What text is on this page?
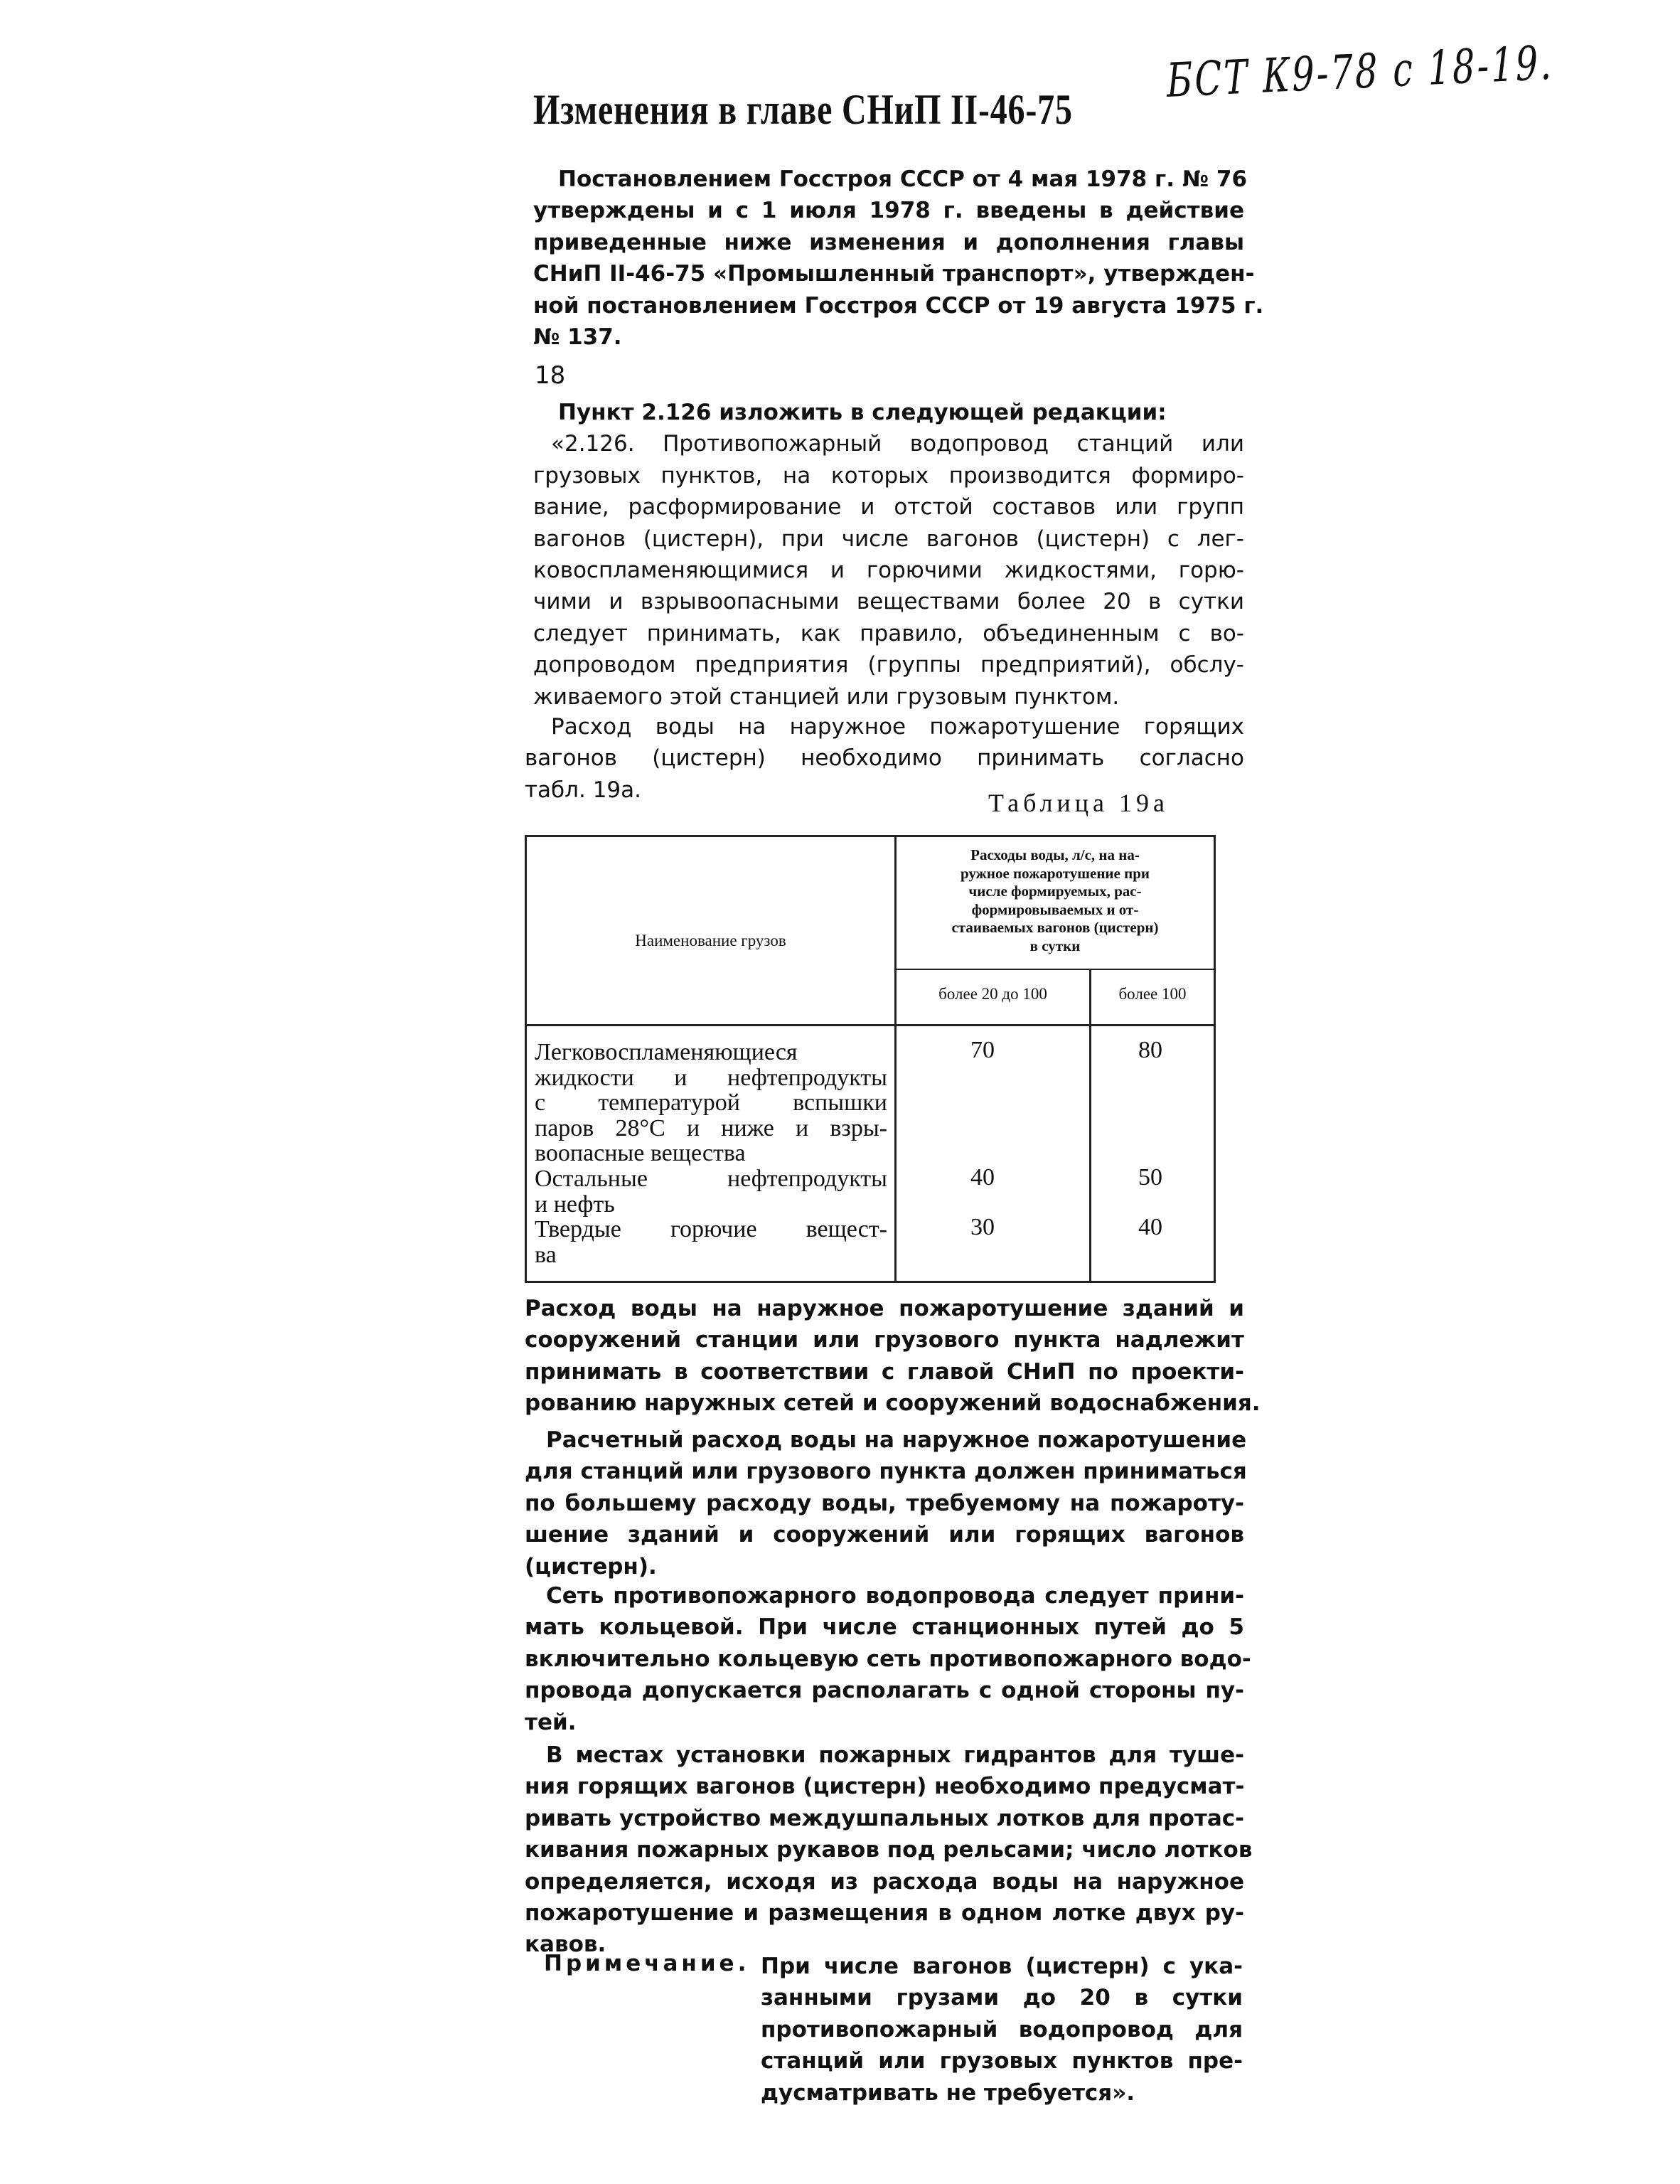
Изменения в главе СНиП II-46-75
БСТ К9-78 с 18-19.
Постановлением Госстроя СССР от 4 мая 1978 г. № 76
утверждены и с 1 июля 1978 г. введены в действие
приведенные ниже изменения и дополнения главы
СНиП II-46-75 «Промышленный транспорт», утвержден-
ной постановлением Госстроя СССР от 19 августа 1975 г.
№ 137.
18
Пункт 2.126 изложить в следующей редакции:
«2.126. Противопожарный водопровод станций или
грузовых пунктов, на которых производится формиро-
вание, расформирование и отстой составов или групп
вагонов (цистерн), при числе вагонов (цистерн) с лег-
ковоспламеняющимися и горючими жидкостями, горю-
чими и взрывоопасными веществами более 20 в сутки
следует принимать, как правило, объединенным с во-
допроводом предприятия (группы предприятий), обслу-
живаемого этой станцией или грузовым пунктом.
Расход воды на наружное пожаротушение горящих
вагонов (цистерн) необходимо принимать согласно
табл. 19а.	Таблица 19а
Наименование грузов
Расходы воды, л/с, на на-
ружное пожаротушение при
числе формируемых, рас-
формировываемых и от-
стаиваемых вагонов (цистерн)
в сутки
более 20 до 100	более 100
Легковоспламеняющиеся
жидкости и нефтепродукты
с температурой вспышки
паров 28°С и ниже и взры-
воопасные вещества
70	80
Остальные нефтепродукты
и нефть
40	50
Твердые горючие вещест-
ва
30	40
Расход воды на наружное пожаротушение зданий и
сооружений станции или грузового пункта надлежит
принимать в соответствии с главой СНиП по проекти-
рованию наружных сетей и сооружений водоснабжения.
Расчетный расход воды на наружное пожаротушение
для станций или грузового пункта должен приниматься
по большему расходу воды, требуемому на пожароту-
шение зданий и сооружений или горящих вагонов
(цистерн).
Сеть противопожарного водопровода следует прини-
мать кольцевой. При числе станционных путей до 5
включительно кольцевую сеть противопожарного водо-
провода допускается располагать с одной стороны пу-
тей.
В местах установки пожарных гидрантов для туше-
ния горящих вагонов (цистерн) необходимо предусмат-
ривать устройство междушпальных лотков для протас-
кивания пожарных рукавов под рельсами; число лотков
определяется, исходя из расхода воды на наружное
пожаротушение и размещения в одном лотке двух ру-
кавов.
Примечание. При числе вагонов (цистерн) с ука-
занными грузами до 20 в сутки
противопожарный водопровод для
станций или грузовых пунктов пре-
дусматривать не требуется».
